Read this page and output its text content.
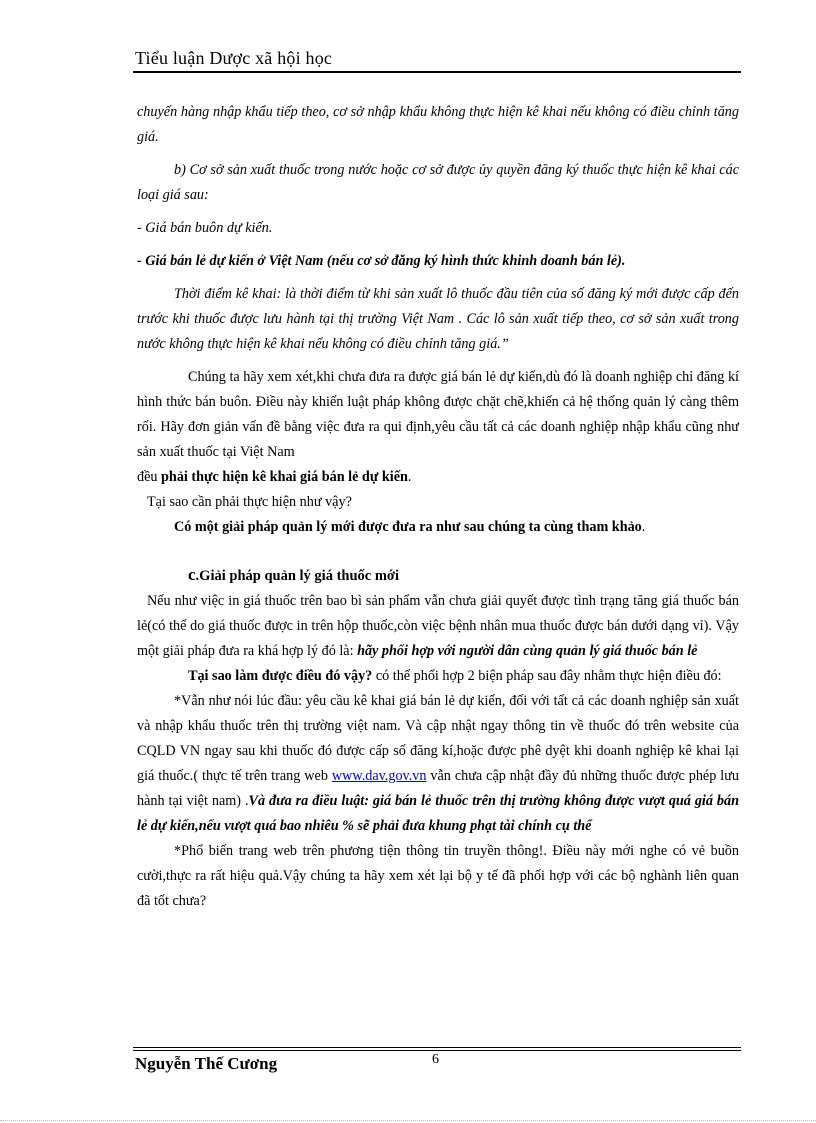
Tiểu luận Dược xã hội học

chuyến hàng nhập khẩu tiếp theo, cơ sở nhập khẩu không thực hiện kê khai nếu không có điều chỉnh tăng giá.

b) Cơ sở sản xuất thuốc trong nước hoặc cơ sở được ủy quyền đăng ký thuốc thực hiện kê khai các loại giá sau:

- Giá bán buôn dự kiến.

- Giá bán lẻ dự kiến ở Việt Nam (nếu cơ sở đăng ký hình thức khinh doanh bán lẻ).

Thời điểm kê khai: là thời điểm từ khi sản xuất lô thuốc đầu tiên của số đăng ký mới được cấp đến trước khi thuốc được lưu hành tại thị trường Việt Nam . Các lô sản xuất tiếp theo, cơ sở sản xuất trong nước không thực hiện kê khai nếu không có điều chỉnh tăng giá.”

Chúng ta hãy xem xét,khi chưa đưa ra được giá bán lẻ dự kiến,dù đó là doanh nghiệp chỉ đăng kí hình thức bán buôn. Điều này khiến luật pháp không được chặt chẽ,khiến cả hệ thống quản lý càng thêm rối. Hãy đơn giản vấn đề bằng việc đưa ra qui định,yêu cầu tất cả các doanh nghiệp nhập khẩu cũng như sản xuất thuốc tại Việt Nam

đều phải thực hiện kê khai giá bán lẻ dự kiến.

Tại sao cần phải thực hiện như vậy?

Có một giải pháp quản lý mới được đưa ra như sau chúng ta cùng tham khảo.

c.Giải pháp quản lý giá thuốc mới

Nếu như việc in giá thuốc trên bao bì sản phẩm vẫn chưa giải quyết được tình trạng tăng giá thuốc bán lẻ(có thể do giá thuốc được in trên hộp thuốc,còn việc bệnh nhân mua thuốc được bán dưới dạng vỉ). Vậy một giải pháp đưa ra khá hợp lý đó là: hãy phối hợp với người dân cùng quản lý giá thuốc bán lẻ

Tại sao làm được điều đó vậy? có thể phối hợp 2 biện pháp sau đây nhằm thực hiện điều đó:

*Vẫn như nói lúc đầu: yêu cầu kê khai giá bán lẻ dự kiến, đối với tất cả các doanh nghiệp sản xuất và nhập khẩu thuốc trên thị trường việt nam. Và cập nhật ngay thông tin về thuốc đó trên website của CQLD VN ngay sau khi thuốc đó được cấp số đăng kí,hoặc được phê dyệt khi doanh nghiệp kê khai lại giá thuốc.( thực tế trên trang web www.dav.gov.vn vẫn chưa cập nhật đầy đủ những thuốc được phép lưu hành tại việt nam) .Và đưa ra điều luật: giá bán lẻ thuốc trên thị trường không được vượt quá giá bán lẻ dự kiến,nếu vượt quá bao nhiêu % sẽ phải đưa khung phạt tài chính cụ thể

*Phổ biến trang web trên phương tiện thông tin truyền thông!. Điều này mới nghe có vẻ buồn cười,thực ra rất hiệu quả.Vậy chúng ta hãy xem xét lại bộ y tế đã phối hợp với các bộ nghành liên quan đã tốt chưa?

Nguyễn Thế Cương	6
